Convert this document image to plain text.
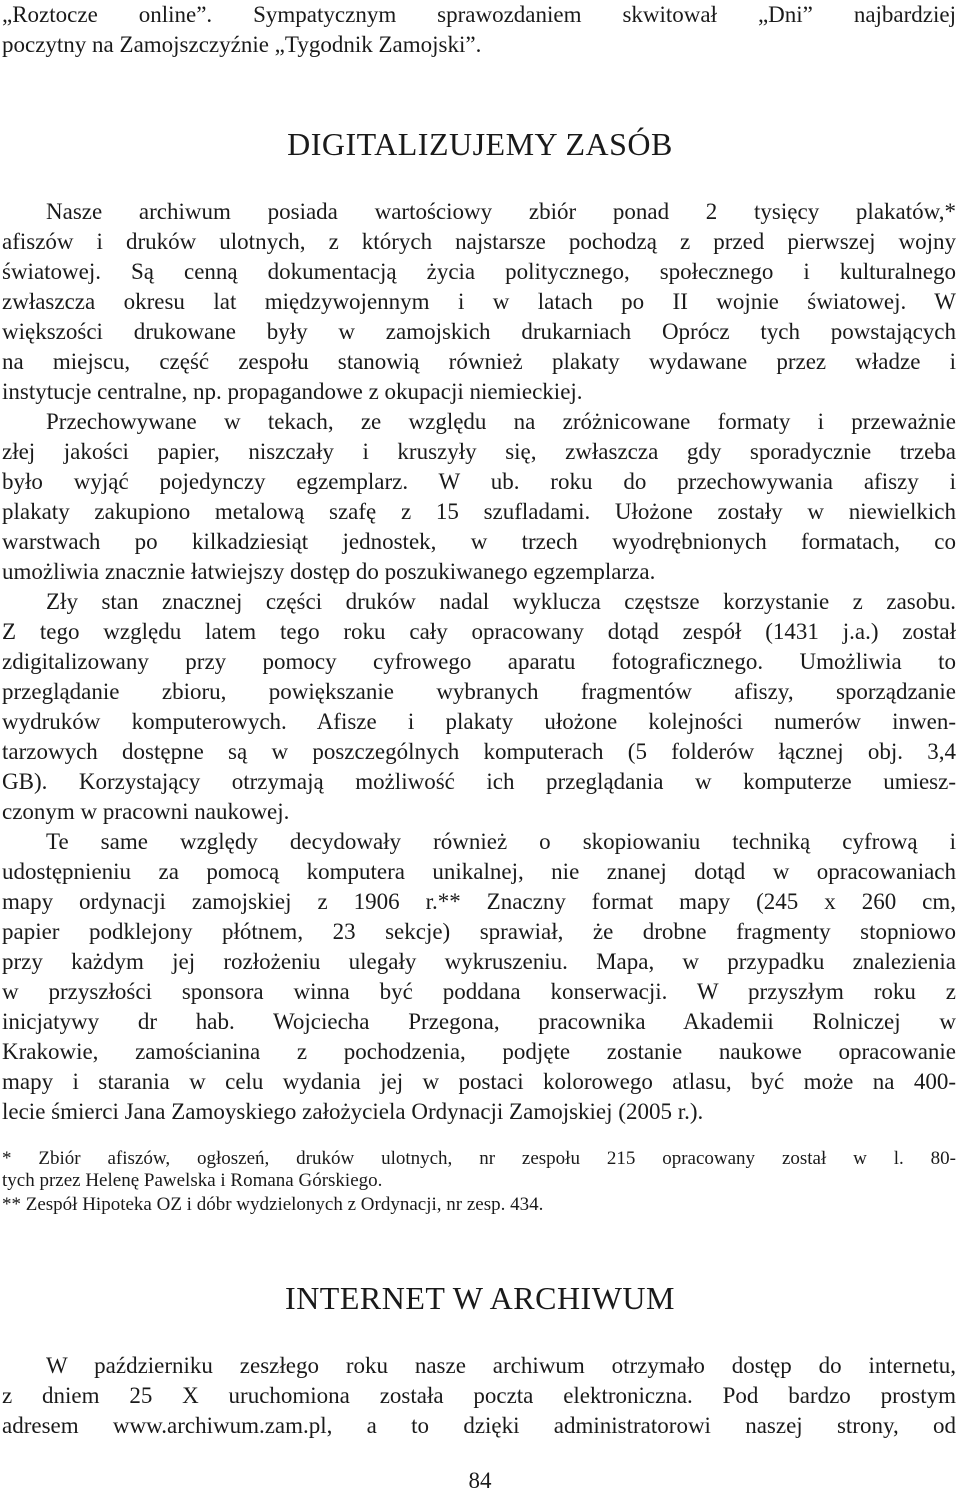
„Roztocze online”. Sympatycznym sprawozdaniem skwitował „Dni” najbardziej
poczytny na Zamojszczyźnie „Tygodnik Zamojski”.
DIGITALIZUJEMY ZASÓB
Nasze archiwum posiada wartościowy zbiór ponad 2 tysięcy plakatów,*
afiszów i druków ulotnych, z których najstarsze pochodzą z przed pierwszej wojny
światowej. Są cenną dokumentacją życia politycznego, społecznego i kulturalnego
zwłaszcza okresu lat międzywojennym i w latach po II wojnie światowej. W
większości drukowane były w zamojskich drukarniach Oprócz tych powstających
na miejscu, część zespołu stanowią również plakaty wydawane przez władze i
instytucje centralne, np. propagandowe z okupacji niemieckiej.
Przechowywane w tekach, ze względu na zróżnicowane formaty i przeważnie
złej jakości papier, niszczały i kruszyły się, zwłaszcza gdy sporadycznie trzeba
było wyjąć pojedynczy egzemplarz. W ub. roku do przechowywania afiszy i
plakaty zakupiono metalową szafę z 15 szufladami. Ułożone zostały w niewielkich
warstwach po kilkadziesiąt jednostek, w trzech wyodrębnionych formatach, co
umożliwia znacznie łatwiejszy dostęp do poszukiwanego egzemplarza.
Zły stan znacznej części druków nadal wyklucza częstsze korzystanie z zasobu.
Z tego względu latem tego roku cały opracowany dotąd zespół (1431 j.a.) został
zdigitalizowany przy pomocy cyfrowego aparatu fotograficznego. Umożliwia to
przeglądanie zbioru, powiększanie wybranych fragmentów afiszy, sporządzanie
wydruków komputerowych. Afisze i plakaty ułożone kolejności numerów inwen-
tarzowych dostępne są w poszczególnych komputerach (5 folderów łącznej obj. 3,4
GB). Korzystający otrzymają możliwość ich przeglądania w komputerze umiesz-
czonym w pracowni naukowej.
Te same względy decydowały również o skopiowaniu techniką cyfrową i
udostępnieniu za pomocą komputera unikalnej, nie znanej dotąd w opracowaniach
mapy ordynacji zamojskiej z 1906 r.** Znaczny format mapy (245 x 260 cm,
papier podklejony płótnem, 23 sekcje) sprawiał, że drobne fragmenty stopniowo
przy każdym jej rozłożeniu ulegały wykruszeniu. Mapa, w przypadku znalezienia
w przyszłości sponsora winna być poddana konserwacji. W przyszłym roku z
inicjatywy dr hab. Wojciecha Przegona, pracownika Akademii Rolniczej w
Krakowie, zamościanina z pochodzenia, podjęte zostanie naukowe opracowanie
mapy i starania w celu wydania jej w postaci kolorowego atlasu, być może na 400-
lecie śmierci Jana Zamoyskiego założyciela Ordynacji Zamojskiej (2005 r.).
* Zbiór afiszów, ogłoszeń, druków ulotnych, nr zespołu 215 opracowany został w l. 80-
tych przez Helenę Pawelska i Romana Górskiego.
** Zespół Hipoteka OZ i dóbr wydzielonych z Ordynacji, nr zesp. 434.
INTERNET W ARCHIWUM
W październiku zeszłego roku nasze archiwum otrzymało dostęp do internetu,
z dniem 25 X uruchomiona została poczta elektroniczna. Pod bardzo prostym
adresem www.archiwum.zam.pl, a to dzięki administratorowi naszej strony, od
84
